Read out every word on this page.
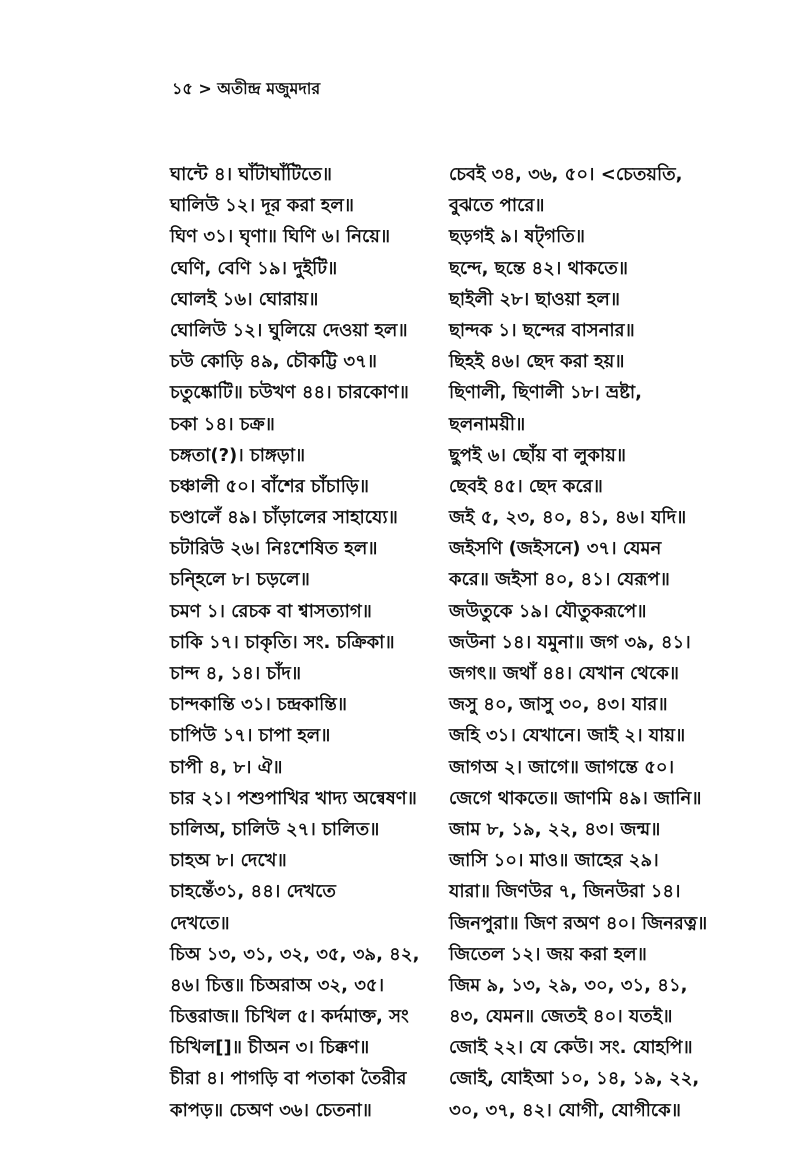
১৫ > অতীন্দ্র মজুমদার
ঘান্টে ৪। ঘাঁটাঘাঁটিতে॥
ঘালিউ ১২। দূর করা হল॥
ঘিণ ৩১। ঘৃণা॥ ঘিণি ৬। নিয়ে॥
ঘেণি, বেণি ১৯। দুইটি॥
ঘোলই ১৬। ঘোরায়॥
ঘোলিউ ১২। ঘুলিয়ে দেওয়া হল॥
চউ কোড়ি ৪৯, চৌকট্টি ৩৭॥
চতুষ্কোটি॥ চউখণ ৪৪। চারকোণ॥
চকা ১৪। চক্র॥
চঙ্গতা(?)। চাঙ্গড়া॥
চঞ্চালী ৫০। বাঁশের চাঁচাড়ি॥
চণ্ডালেঁ ৪৯। চাঁড়ালের সাহায্যে॥
চটারিউ ২৬। নিঃশেষিত হল॥
চন্হিলে ৮। চড়লে॥
চমণ ১। রেচক বা শ্বাসত্যাগ॥
চাকি ১৭। চাকৃতি। সং. চক্রিকা॥
চান্দ ৪, ১৪। চাঁদ॥
চান্দকান্তি ৩১। চন্দ্রকান্তি॥
চাপিউ ১৭। চাপা হল॥
চাপী ৪, ৮। ঐ॥
চার ২১। পশুপাখির খাদ্য অন্বেষণ॥
চালিঅ, চালিউ ২৭। চালিত॥
চাহঅ ৮। দেখে॥
চাহন্তেঁ৩১, ৪৪। দেখতে
দেখতে॥
চিঅ ১৩, ৩১, ৩২, ৩৫, ৩৯, ৪২,
৪৬। চিত্ত॥ চিঅরাঅ ৩২, ৩৫।
চিত্তরাজ॥ চিখিল ৫। কর্দমাক্ত, সং
চিখিল[]॥ চীঅন ৩। চিক্কণ॥
চীরা ৪। পাগড়ি বা পতাকা তৈরীর
কাপড়॥ চেঅণ ৩৬। চেতনা॥
চেবই ৩৪, ৩৬, ৫০। <চেতয়তি,
বুঝতে পারে॥
ছড়গই ৯। ষট্গতি॥
ছন্দে, ছন্তে ৪২। থাকতে॥
ছাইলী ২৮। ছাওয়া হল॥
ছান্দক ১। ছন্দের বাসনার॥
ছিহই ৪৬। ছেদ করা হয়॥
ছিণালী, ছিণালী ১৮। ভ্রষ্টা,
ছলনাময়ী॥
ছুপই ৬। ছোঁয় বা লুকায়॥
ছেবই ৪৫। ছেদ করে॥
জই ৫, ২৩, ৪০, ৪১, ৪৬। যদি॥
জইসণি (জইসনে) ৩৭। যেমন
করে॥ জইসা ৪০, ৪১। যেরূপ॥
জউতুকে ১৯। যৌতুকরূপে॥
জউনা ১৪। যমুনা॥ জগ ৩৯, ৪১।
জগৎ॥ জথাঁ ৪৪। যেখান থেকে॥
জসু ৪০, জাসু ৩০, ৪৩। যার॥
জহি ৩১। যেখানে। জাই ২। যায়॥
জাগঅ ২। জাগে॥ জাগন্তে ৫০।
জেগে থাকতে॥ জাণমি ৪৯। জানি॥
জাম ৮, ১৯, ২২, ৪৩। জন্ম॥
জাসি ১০। মাও॥ জাহের ২৯।
যারা॥ জিণউর ৭, জিনউরা ১৪।
জিনপুরা॥ জিণ রঅণ ৪০। জিনরত্ন॥
জিতেল ১২। জয় করা হল॥
জিম ৯, ১৩, ২৯, ৩০, ৩১, ৪১,
৪৩, যেমন॥ জেতই ৪০। যতই॥
জোই ২২। যে কেউ। সং. যোহপি॥
জোই, যোইআ ১০, ১৪, ১৯, ২২,
৩০, ৩৭, ৪২। যোগী, যোগীকে॥
